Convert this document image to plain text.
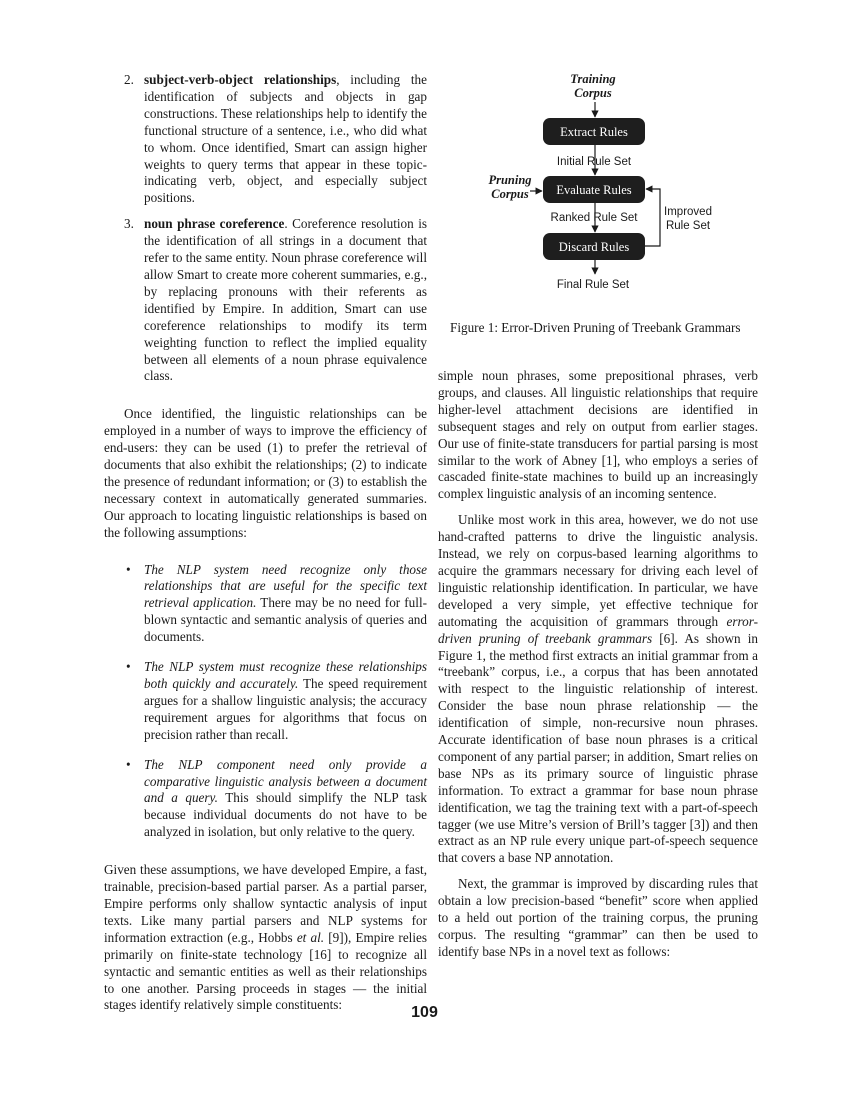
2. subject-verb-object relationships, including the identification of subjects and objects in gap constructions. These relationships help to identify the functional structure of a sentence, i.e., who did what to whom. Once identified, Smart can assign higher weights to query terms that appear in these topic-indicating verb, object, and especially subject positions.
3. noun phrase coreference. Coreference resolution is the identification of all strings in a document that refer to the same entity. Noun phrase coreference will allow Smart to create more coherent summaries, e.g., by replacing pronouns with their referents as identified by Empire. In addition, Smart can use coreference relationships to modify its term weighting function to reflect the implied equality between all elements of a noun phrase equivalence class.

Once identified, the linguistic relationships can be employed in a number of ways to improve the efficiency of end-users: they can be used (1) to prefer the retrieval of documents that also exhibit the relationships; (2) to indicate the presence of redundant information; or (3) to establish the necessary context in automatically generated summaries. Our approach to locating linguistic relationships is based on the following assumptions:

• The NLP system need recognize only those relationships that are useful for the specific text retrieval application. There may be no need for full-blown syntactic and semantic analysis of queries and documents.
• The NLP system must recognize these relationships both quickly and accurately. The speed requirement argues for a shallow linguistic analysis; the accuracy requirement argues for algorithms that focus on precision rather than recall.
• The NLP component need only provide a comparative linguistic analysis between a document and a query. This should simplify the NLP task because individual documents do not have to be analyzed in isolation, but only relative to the query.

Given these assumptions, we have developed Empire, a fast, trainable, precision-based partial parser. As a partial parser, Empire performs only shallow syntactic analysis of input texts. Like many partial parsers and NLP systems for information extraction (e.g., Hobbs et al. [9]), Empire relies primarily on finite-state technology [16] to recognize all syntactic and semantic entities as well as their relationships to one another. Parsing proceeds in stages — the initial stages identify relatively simple constituents:

Training
Corpus
Extract Rules
Initial Rule Set
Pruning
Corpus Evaluate Rules
Ranked Rule Set
Discard Rules
Improved
Rule Set
Final Rule Set
Figure 1: Error-Driven Pruning of Treebank Grammars

simple noun phrases, some prepositional phrases, verb groups, and clauses. All linguistic relationships that require higher-level attachment decisions are identified in subsequent stages and rely on output from earlier stages. Our use of finite-state transducers for partial parsing is most similar to the work of Abney [1], who employs a series of cascaded finite-state machines to build up an increasingly complex linguistic analysis of an incoming sentence.

Unlike most work in this area, however, we do not use hand-crafted patterns to drive the linguistic analysis. Instead, we rely on corpus-based learning algorithms to acquire the grammars necessary for driving each level of linguistic relationship identification. In particular, we have developed a very simple, yet effective technique for automating the acquisition of grammars through error-driven pruning of treebank grammars [6]. As shown in Figure 1, the method first extracts an initial grammar from a “treebank” corpus, i.e., a corpus that has been annotated with respect to the linguistic relationship of interest. Consider the base noun phrase relationship — the identification of simple, non-recursive noun phrases. Accurate identification of base noun phrases is a critical component of any partial parser; in addition, Smart relies on base NPs as its primary source of linguistic phrase information. To extract a grammar for base noun phrase identification, we tag the training text with a part-of-speech tagger (we use Mitre’s version of Brill’s tagger [3]) and then extract as an NP rule every unique part-of-speech sequence that covers a base NP annotation.

Next, the grammar is improved by discarding rules that obtain a low precision-based “benefit” score when applied to a held out portion of the training corpus, the pruning corpus. The resulting “grammar” can then be used to identify base NPs in a novel text as follows:

109
